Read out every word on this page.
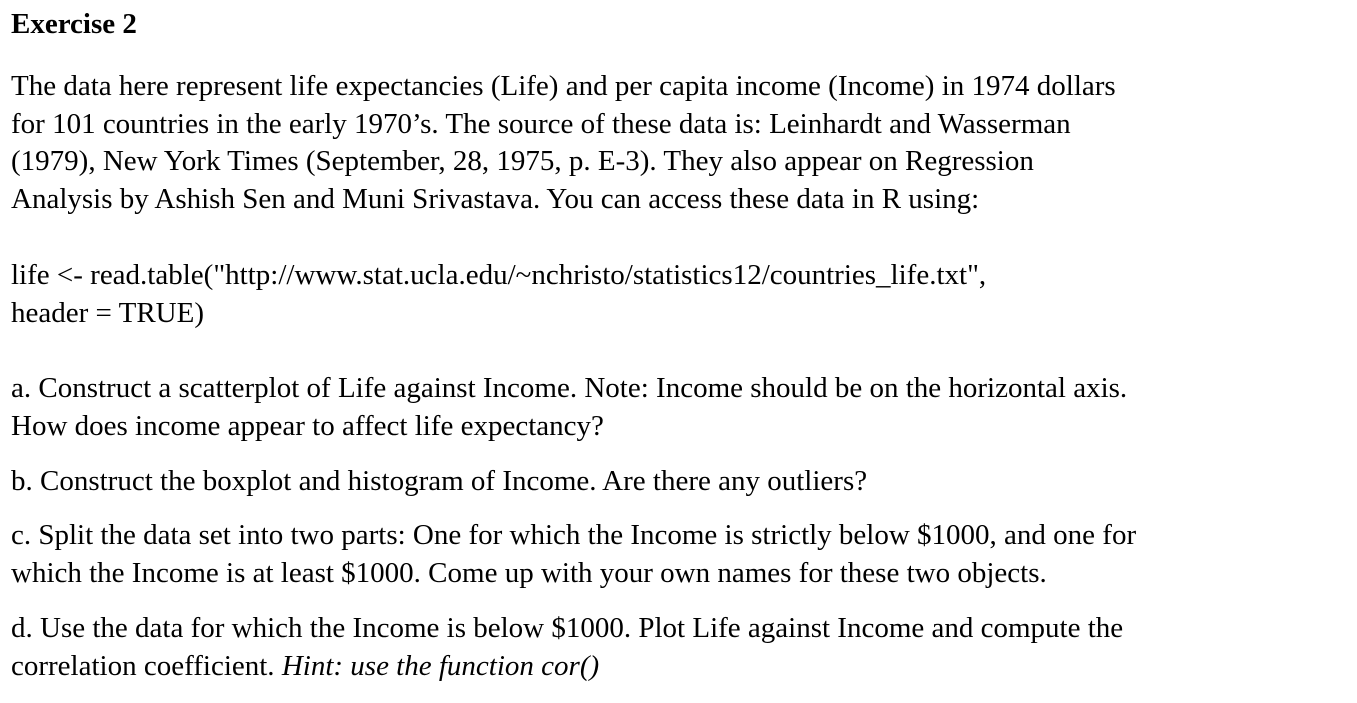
Exercise 2

The data here represent life expectancies (Life) and per capita income (Income) in 1974 dollars
for 101 countries in the early 1970’s. The source of these data is: Leinhardt and Wasserman
(1979), New York Times (September, 28, 1975, p. E-3). They also appear on Regression
Analysis by Ashish Sen and Muni Srivastava. You can access these data in R using:

life <- read.table("http://www.stat.ucla.edu/~nchristo/statistics12/countries_life.txt",
header = TRUE)

a. Construct a scatterplot of Life against Income. Note: Income should be on the horizontal axis.
How does income appear to affect life expectancy?

b. Construct the boxplot and histogram of Income. Are there any outliers?

c. Split the data set into two parts: One for which the Income is strictly below $1000, and one for
which the Income is at least $1000. Come up with your own names for these two objects.

d. Use the data for which the Income is below $1000. Plot Life against Income and compute the
correlation coefficient. Hint: use the function cor()
